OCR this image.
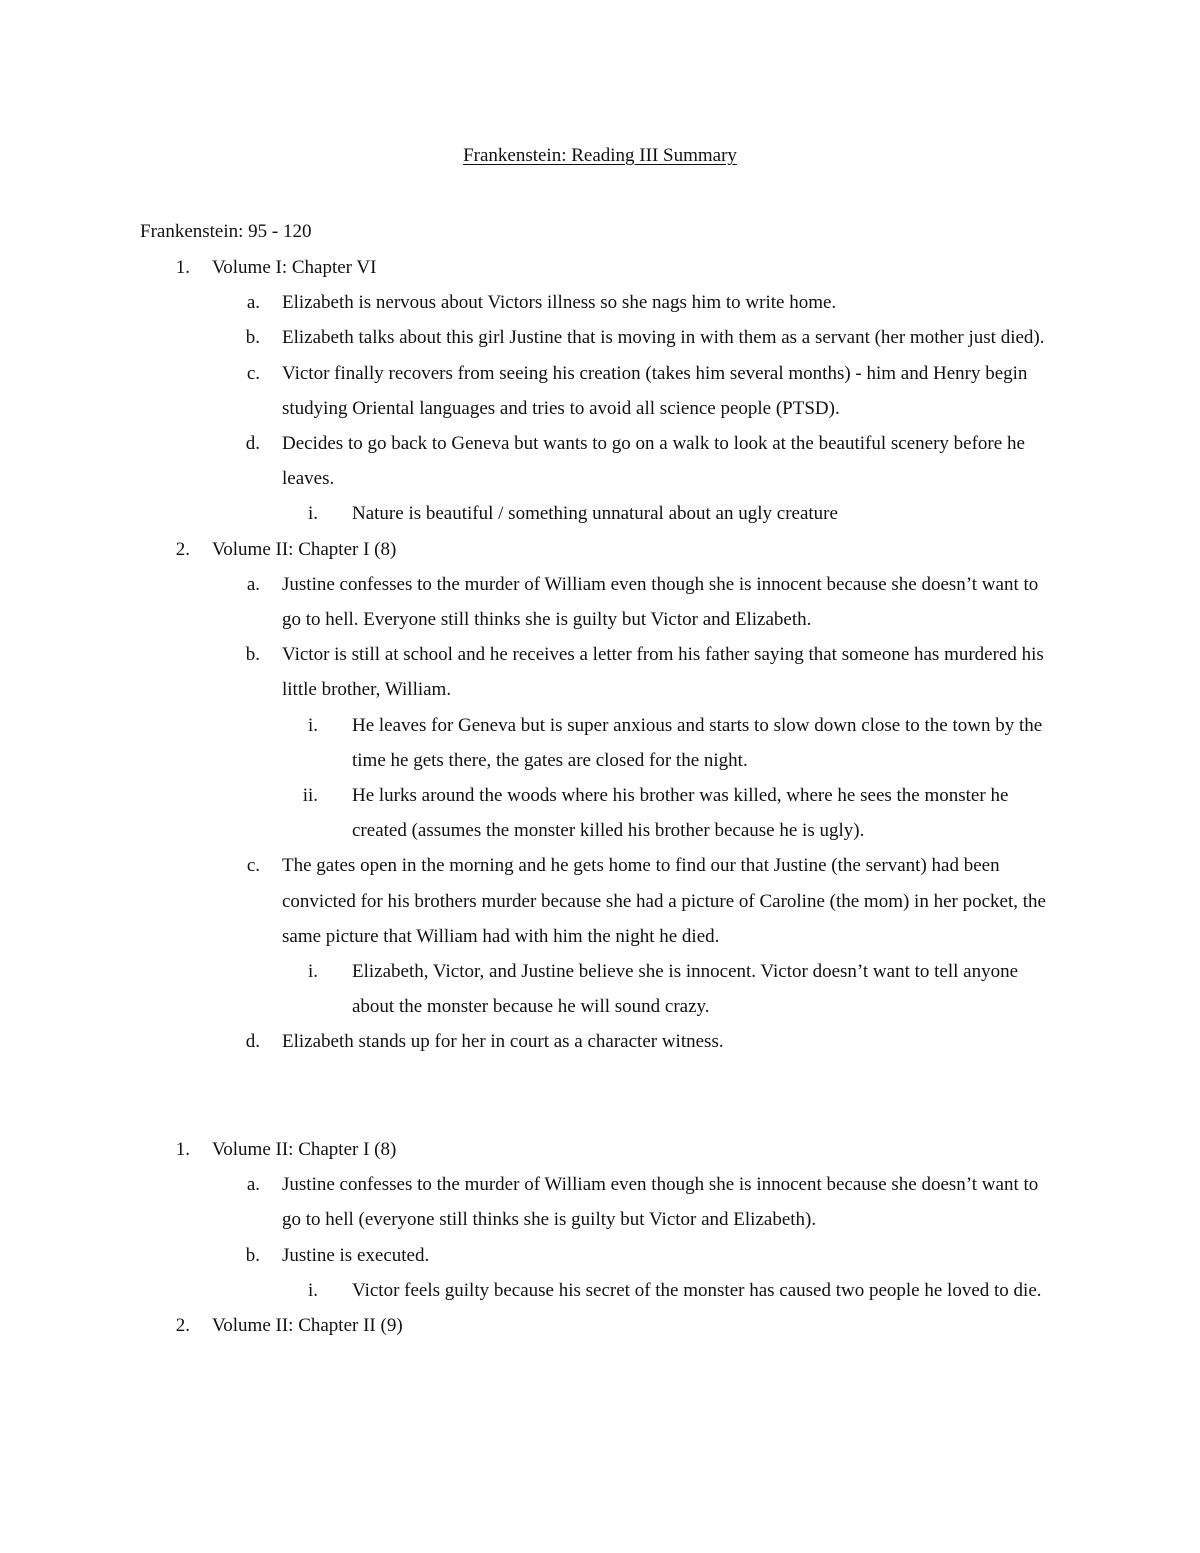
Frankenstein: Reading III Summary
Frankenstein: 95 - 120
1. Volume I: Chapter VI
a. Elizabeth is nervous about Victors illness so she nags him to write home.
b. Elizabeth talks about this girl Justine that is moving in with them as a servant (her mother just died).
c. Victor finally recovers from seeing his creation (takes him several months) - him and Henry begin studying Oriental languages and tries to avoid all science people (PTSD).
d. Decides to go back to Geneva but wants to go on a walk to look at the beautiful scenery before he leaves.
i. Nature is beautiful / something unnatural about an ugly creature
2. Volume II: Chapter I (8)
a. Justine confesses to the murder of William even though she is innocent because she doesn’t want to go to hell. Everyone still thinks she is guilty but Victor and Elizabeth.
b. Victor is still at school and he receives a letter from his father saying that someone has murdered his little brother, William.
i. He leaves for Geneva but is super anxious and starts to slow down close to the town by the time he gets there, the gates are closed for the night.
ii. He lurks around the woods where his brother was killed, where he sees the monster he created (assumes the monster killed his brother because he is ugly).
c. The gates open in the morning and he gets home to find our that Justine (the servant) had been convicted for his brothers murder because she had a picture of Caroline (the mom) in her pocket, the same picture that William had with him the night he died.
i. Elizabeth, Victor, and Justine believe she is innocent. Victor doesn’t want to tell anyone about the monster because he will sound crazy.
d. Elizabeth stands up for her in court as a character witness.
1. Volume II: Chapter I (8)
a. Justine confesses to the murder of William even though she is innocent because she doesn’t want to go to hell (everyone still thinks she is guilty but Victor and Elizabeth).
b. Justine is executed.
i. Victor feels guilty because his secret of the monster has caused two people he loved to die.
2. Volume II: Chapter II (9)
